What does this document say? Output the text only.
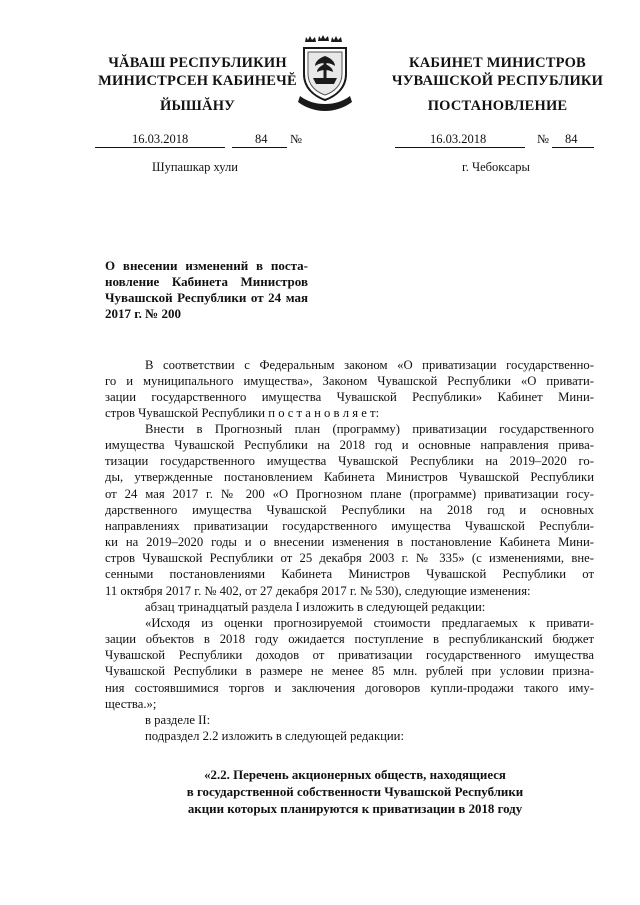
ЧĂВАШ РЕСПУБЛИКИН
МИНИСТРСЕН КАБИНЕЧĔ
ЙЫШĂНУ
КАБИНЕТ МИНИСТРОВ
ЧУВАШСКОЙ РЕСПУБЛИКИ
ПОСТАНОВЛЕНИЕ
16.03.2018	84 №	16.03.2018	№ 84
Шупашкар хули	г. Чебоксары
О внесении изменений в поста-
новление Кабинета Министров
Чувашской Республики от 24 мая
2017 г. № 200
В соответствии с Федеральным законом «О приватизации государственно-
го и муниципального имущества», Законом Чувашской Республики «О привати-
зации государственного имущества Чувашской Республики» Кабинет Мини-
стров Чувашской Республики п о с т а н о в л я е т:
Внести в Прогнозный план (программу) приватизации государственного
имущества Чувашской Республики на 2018 год и основные направления прива-
тизации государственного имущества Чувашской Республики на 2019–2020 го-
ды, утвержденные постановлением Кабинета Министров Чувашской Республики
от 24 мая 2017 г. № 200 «О Прогнозном плане (программе) приватизации госу-
дарственного имущества Чувашской Республики на 2018 год и основных
направлениях приватизации государственного имущества Чувашской Республи-
ки на 2019–2020 годы и о внесении изменения в постановление Кабинета Мини-
стров Чувашской Республики от 25 декабря 2003 г. № 335» (с изменениями, вне-
сенными постановлениями Кабинета Министров Чувашской Республики от
11 октября 2017 г. № 402, от 27 декабря 2017 г. № 530), следующие изменения:
абзац тринадцатый раздела I изложить в следующей редакции:
«Исходя из оценки прогнозируемой стоимости предлагаемых к привати-
зации объектов в 2018 году ожидается поступление в республиканский бюджет
Чувашской Республики доходов от приватизации государственного имущества
Чувашской Республики в размере не менее 85 млн. рублей при условии призна-
ния состоявшимися торгов и заключения договоров купли-продажи такого иму-
щества.»;
в разделе II:
подраздел 2.2 изложить в следующей редакции:
«2.2. Перечень акционерных обществ, находящиеся
в государственной собственности Чувашской Республики
акции которых планируются к приватизации в 2018 году
